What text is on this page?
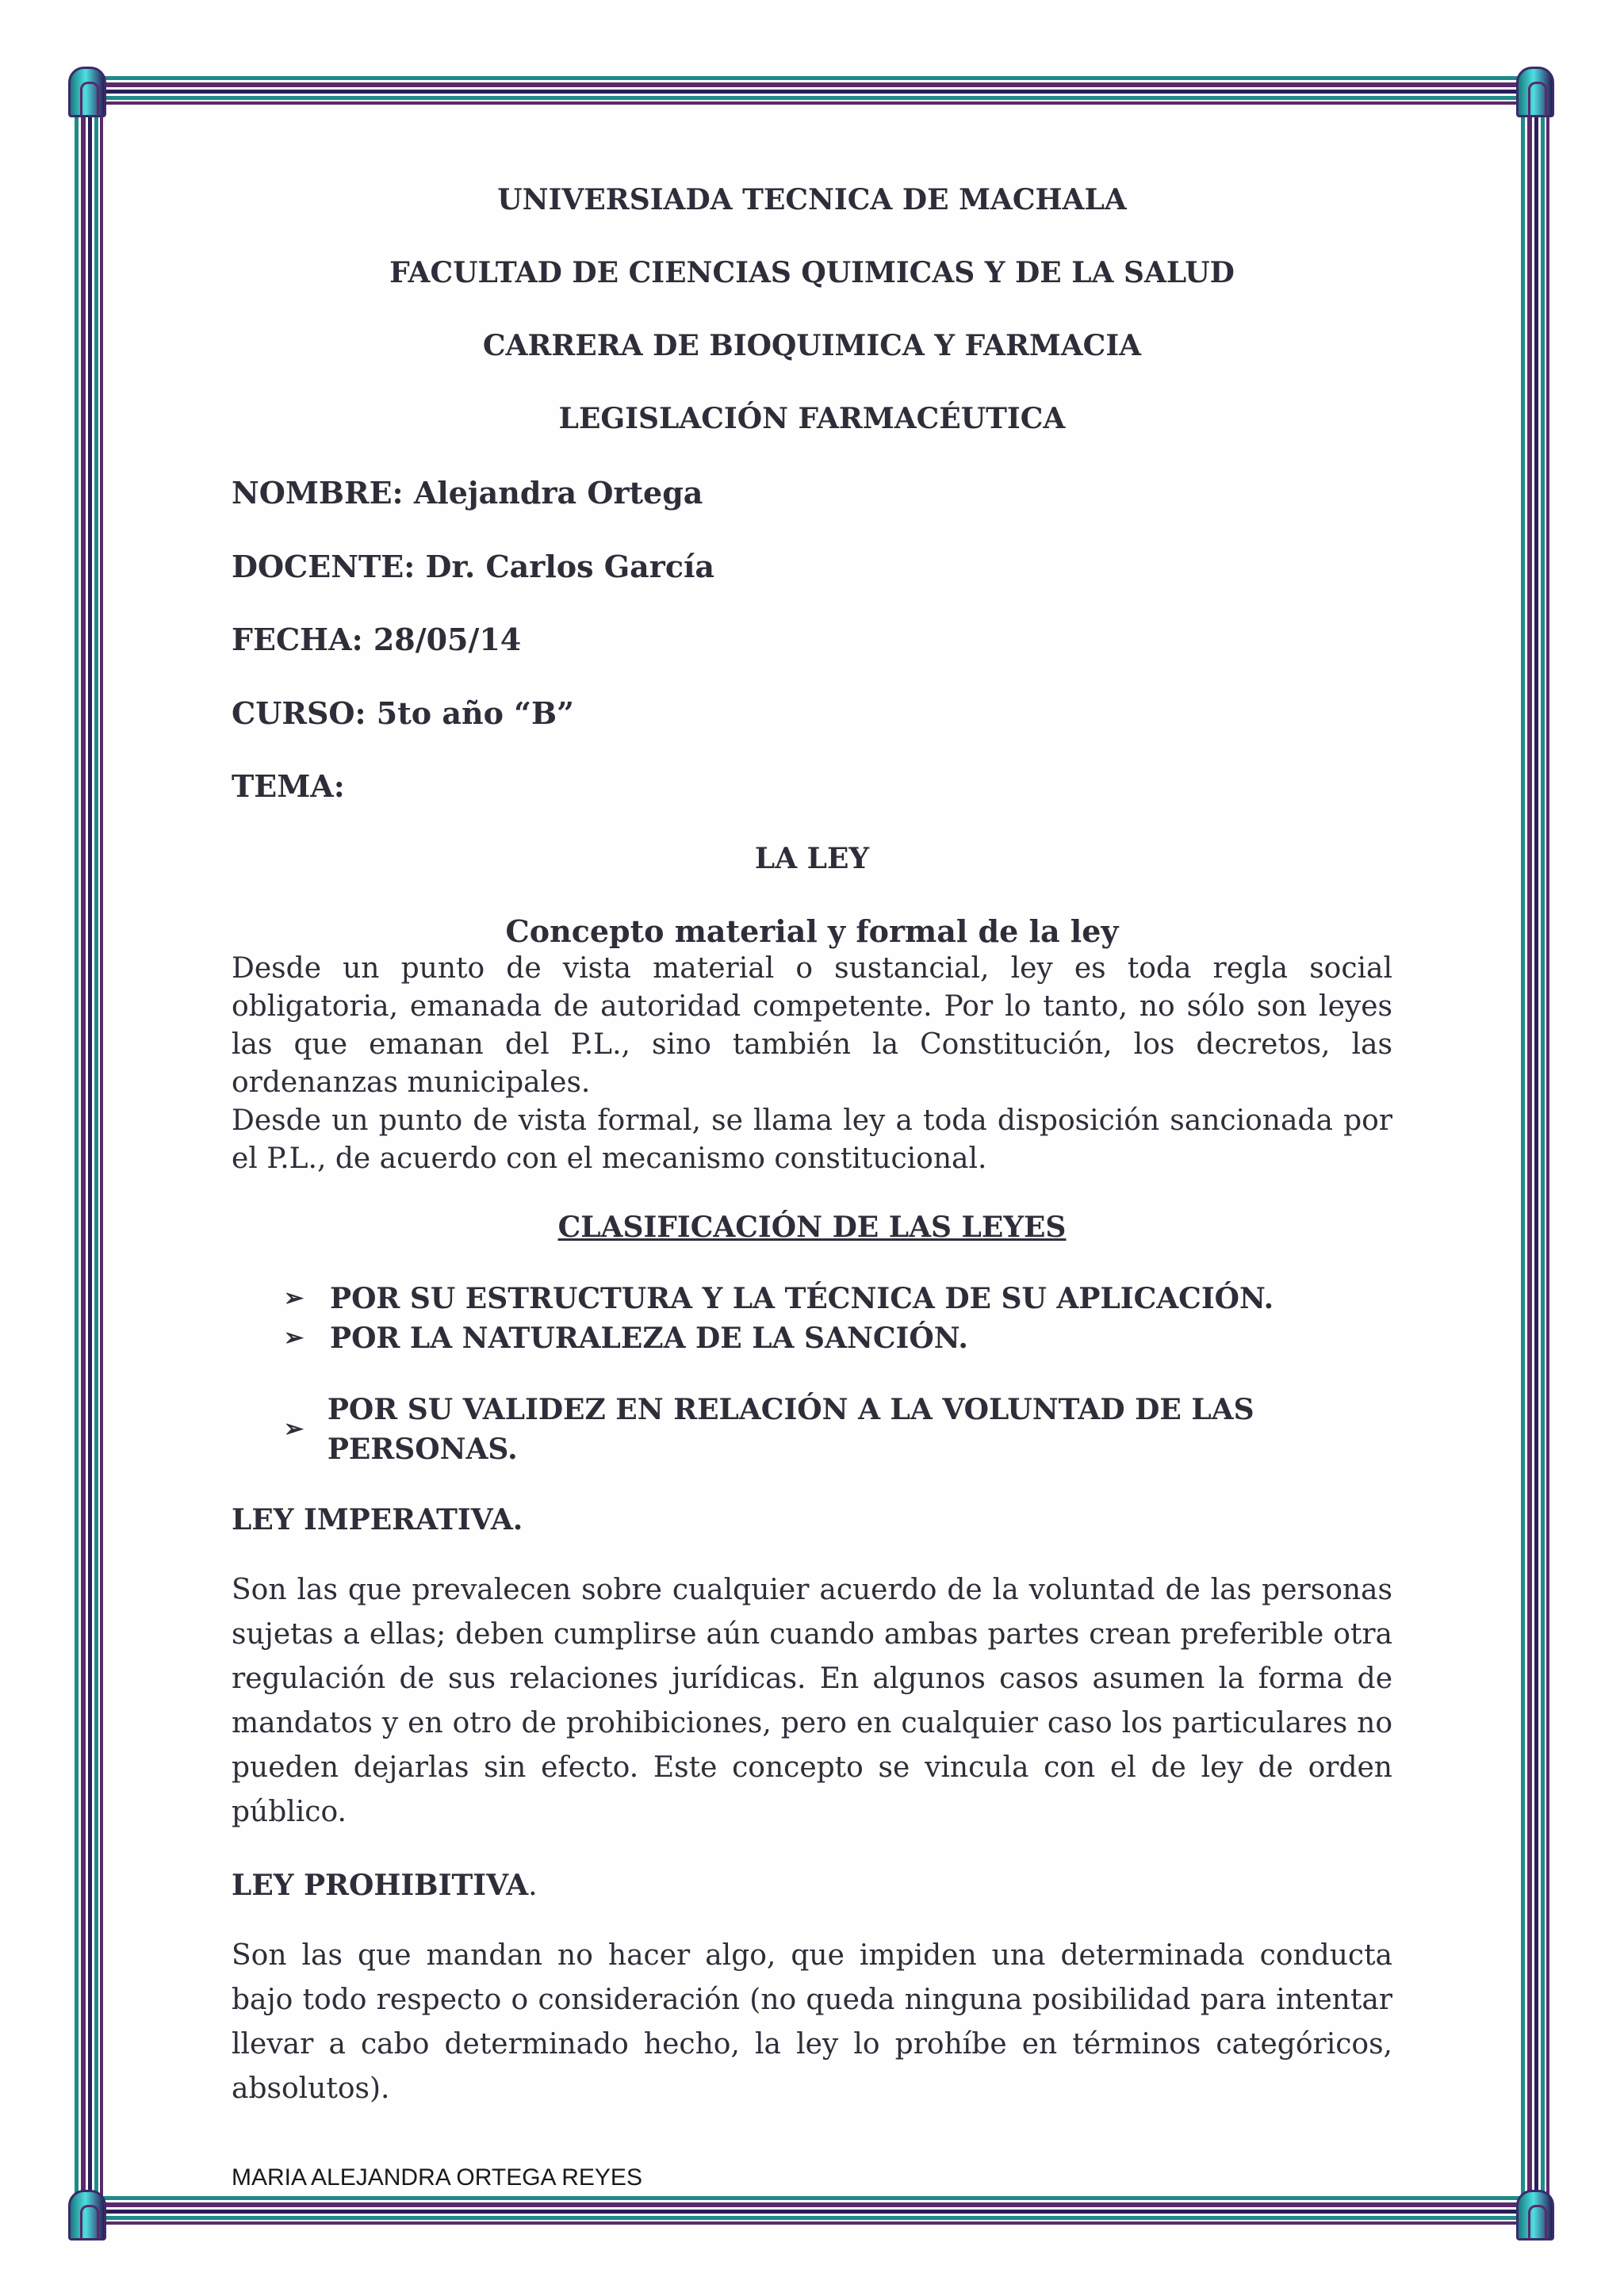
UNIVERSIADA TECNICA DE MACHALA

FACULTAD DE CIENCIAS QUIMICAS Y DE LA SALUD

CARRERA DE BIOQUIMICA Y FARMACIA

LEGISLACIÓN FARMACÉUTICA

NOMBRE: Alejandra Ortega

DOCENTE: Dr. Carlos García

FECHA: 28/05/14

CURSO: 5to año “B”

TEMA:

LA LEY

Concepto material y formal de la ley

Desde un punto de vista material o sustancial, ley es toda regla social obligatoria, emanada de autoridad competente. Por lo tanto, no sólo son leyes las que emanan del P.L., sino también la Constitución, los decretos, las ordenanzas municipales.

Desde un punto de vista formal, se llama ley a toda disposición sancionada por el P.L., de acuerdo con el mecanismo constitucional.

CLASIFICACIÓN DE LAS LEYES

➢ POR SU ESTRUCTURA Y LA TÉCNICA DE SU APLICACIÓN.
➢ POR LA NATURALEZA DE LA SANCIÓN.
➢
POR SU VALIDEZ EN RELACIÓN A LA VOLUNTAD DE LAS PERSONAS.

LEY IMPERATIVA.

Son las que prevalecen sobre cualquier acuerdo de la voluntad de las personas sujetas a ellas; deben cumplirse aún cuando ambas partes crean preferible otra regulación de sus relaciones jurídicas. En algunos casos asumen la forma de mandatos y en otro de prohibiciones, pero en cualquier caso los particulares no pueden dejarlas sin efecto. Este concepto se vincula con el de ley de orden público.

LEY PROHIBITIVA.

Son las que mandan no hacer algo, que impiden una determinada conducta bajo todo respecto o consideración (no queda ninguna posibilidad para intentar llevar a cabo determinado hecho, la ley lo prohíbe en términos categóricos, absolutos).

MARIA ALEJANDRA ORTEGA REYES
